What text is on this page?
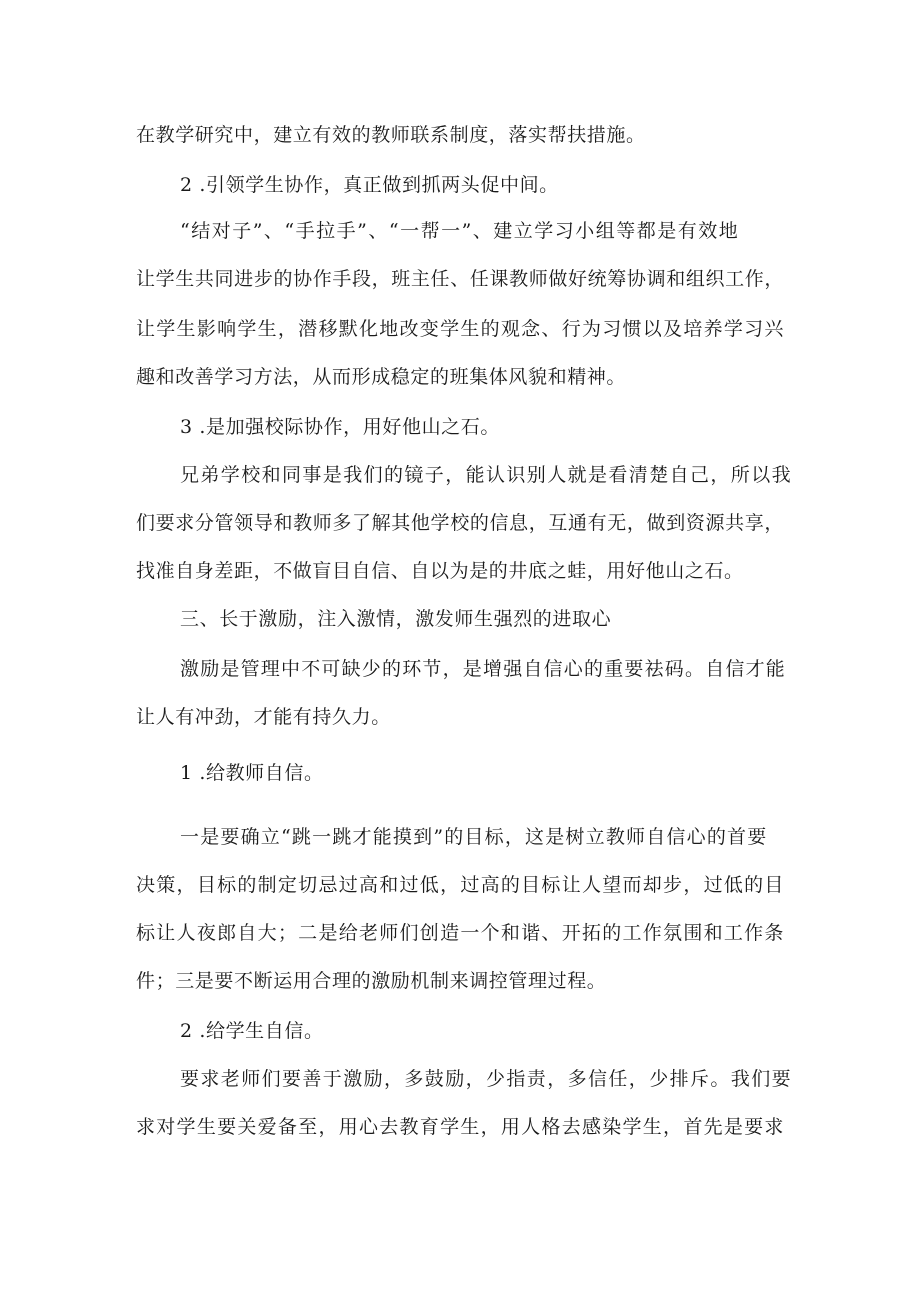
在教学研究中，建立有效的教师联系制度，落实帮扶措施。
2 .引领学生协作，真正做到抓两头促中间。
“结对子”、“手拉手”、“一帮一”、建立学习小组等都是有效地
让学生共同进步的协作手段，班主任、任课教师做好统筹协调和组织工作，
让学生影响学生，潜移默化地改变学生的观念、行为习惯以及培养学习兴
趣和改善学习方法，从而形成稳定的班集体风貌和精神。
3 .是加强校际协作，用好他山之石。
兄弟学校和同事是我们的镜子，能认识别人就是看清楚自己，所以我
们要求分管领导和教师多了解其他学校的信息，互通有无，做到资源共享，
找准自身差距，不做盲目自信、自以为是的井底之蛙，用好他山之石。
三、长于激励，注入激情，激发师生强烈的进取心
激励是管理中不可缺少的环节，是增强自信心的重要祛码。自信才能
让人有冲劲，才能有持久力。
1 .给教师自信。
一是要确立“跳一跳才能摸到”的目标，这是树立教师自信心的首要
决策，目标的制定切忌过高和过低，过高的目标让人望而却步，过低的目
标让人夜郎自大；二是给老师们创造一个和谐、开拓的工作氛围和工作条
件；三是要不断运用合理的激励机制来调控管理过程。
2 .给学生自信。
要求老师们要善于激励，多鼓励，少指责，多信任，少排斥。我们要
求对学生要关爱备至，用心去教育学生，用人格去感染学生，首先是要求
